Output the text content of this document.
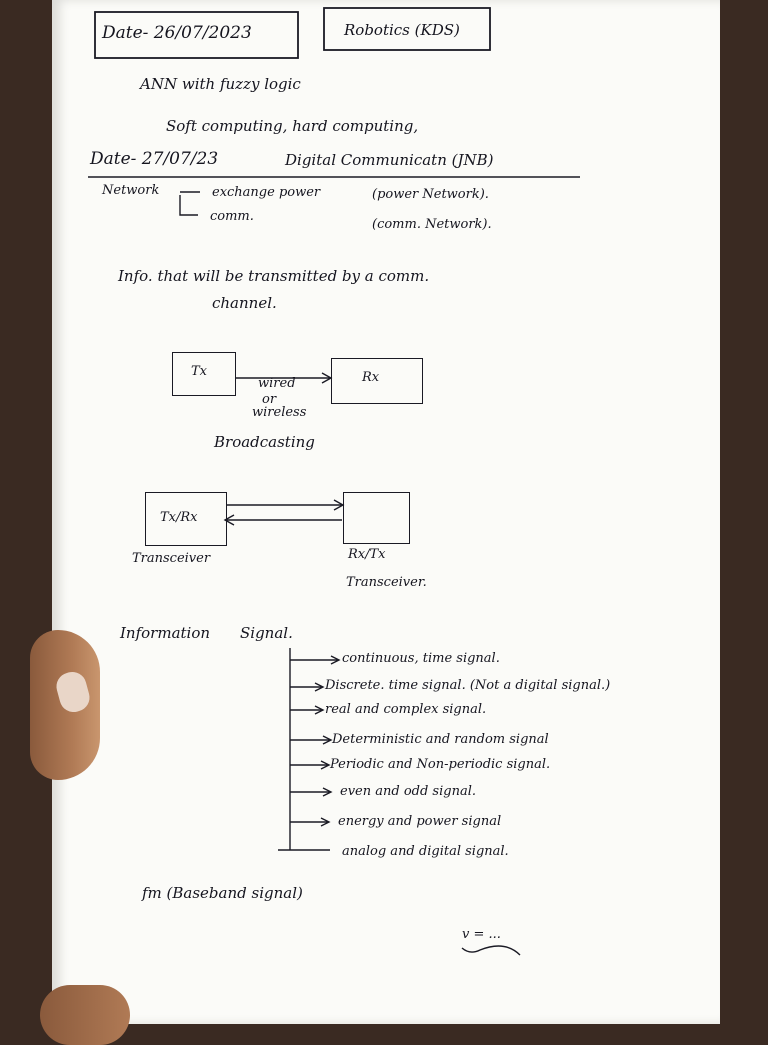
Date- 26/07/2023	Robotics (KDS)
ANN with fuzzy logic
Soft computing, hard computing,
Date- 27/07/23	Digital Communicatn (JNB)
Network	exchange power	(power Network).
comm.
(comm. Network).
Info. that will be transmitted by a comm.
channel.
Tx	Rx
wired
or
wireless
Broadcasting
Tx/Rx
Transceiver	Rx/Tx
Transceiver.
Information Signal.
continuous, time signal.
Discrete. time signal. (Not a digital signal.)
real and complex signal.
Deterministic and random signal
Periodic and Non-periodic signal.
even and odd signal.
energy and power signal
analog and digital signal.
fm (Baseband signal)
v = ...
